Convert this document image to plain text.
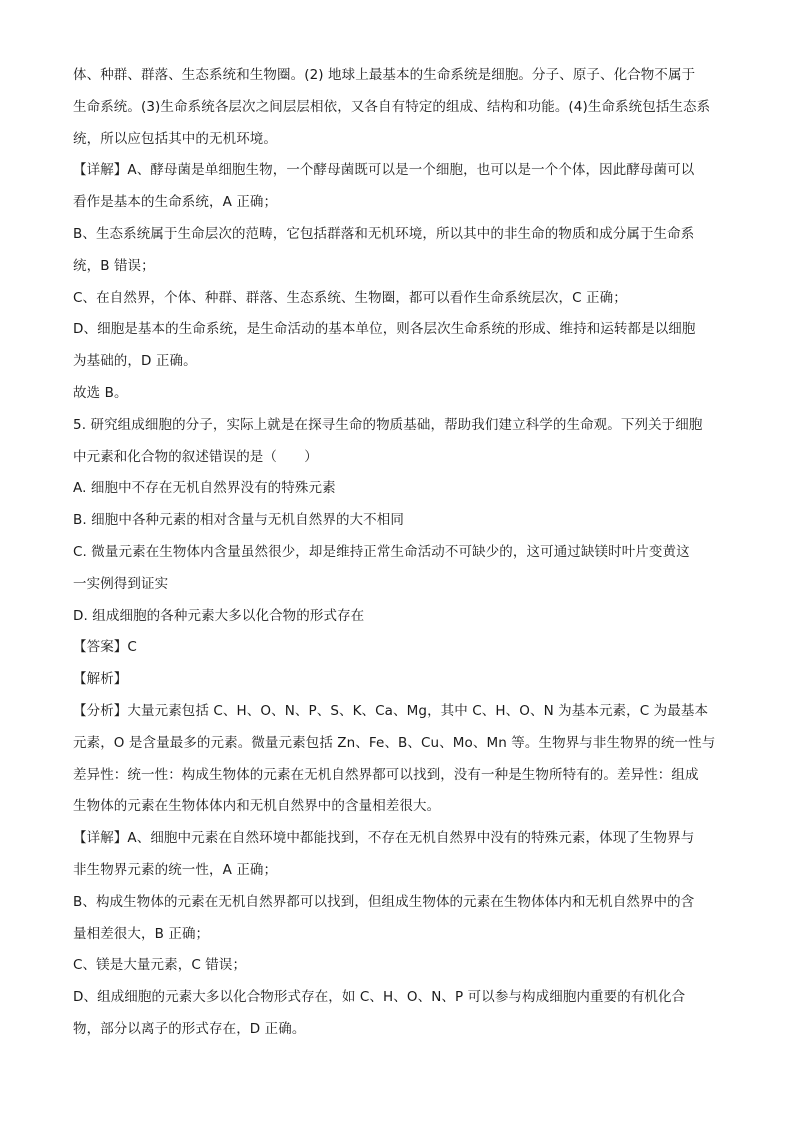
体、种群、群落、生态系统和生物圈。(2) 地球上最基本的生命系统是细胞。分子、原子、化合物不属于
生命系统。(3)生命系统各层次之间层层相依，又各自有特定的组成、结构和功能。(4)生命系统包括生态系
统，所以应包括其中的无机环境。
【详解】A、酵母菌是单细胞生物，一个酵母菌既可以是一个细胞，也可以是一个个体，因此酵母菌可以
看作是基本的生命系统，A 正确；
B、生态系统属于生命层次的范畴，它包括群落和无机环境，所以其中的非生命的物质和成分属于生命系
统，B 错误；
C、在自然界，个体、种群、群落、生态系统、生物圈，都可以看作生命系统层次，C 正确；
D、细胞是基本的生命系统，是生命活动的基本单位，则各层次生命系统的形成、维持和运转都是以细胞
为基础的，D 正确。
故选 B。
5. 研究组成细胞的分子，实际上就是在探寻生命的物质基础，帮助我们建立科学的生命观。下列关于细胞
中元素和化合物的叙述错误的是（　　）
A. 细胞中不存在无机自然界没有的特殊元素
B. 细胞中各种元素的相对含量与无机自然界的大不相同
C. 微量元素在生物体内含量虽然很少，却是维持正常生命活动不可缺少的，这可通过缺镁时叶片变黄这
一实例得到证实
D. 组成细胞的各种元素大多以化合物的形式存在
【答案】C
【解析】
【分析】大量元素包括 C、H、O、N、P、S、K、Ca、Mg，其中 C、H、O、N 为基本元素，C 为最基本
元素，O 是含量最多的元素。微量元素包括 Zn、Fe、B、Cu、Mo、Mn 等。生物界与非生物界的统一性与
差异性：统一性：构成生物体的元素在无机自然界都可以找到，没有一种是生物所特有的。差异性：组成
生物体的元素在生物体体内和无机自然界中的含量相差很大。
【详解】A、细胞中元素在自然环境中都能找到，不存在无机自然界中没有的特殊元素，体现了生物界与
非生物界元素的统一性，A 正确；
B、构成生物体的元素在无机自然界都可以找到，但组成生物体的元素在生物体体内和无机自然界中的含
量相差很大，B 正确；
C、镁是大量元素，C 错误；
D、组成细胞的元素大多以化合物形式存在，如 C、H、O、N、P 可以参与构成细胞内重要的有机化合
物，部分以离子的形式存在，D 正确。
